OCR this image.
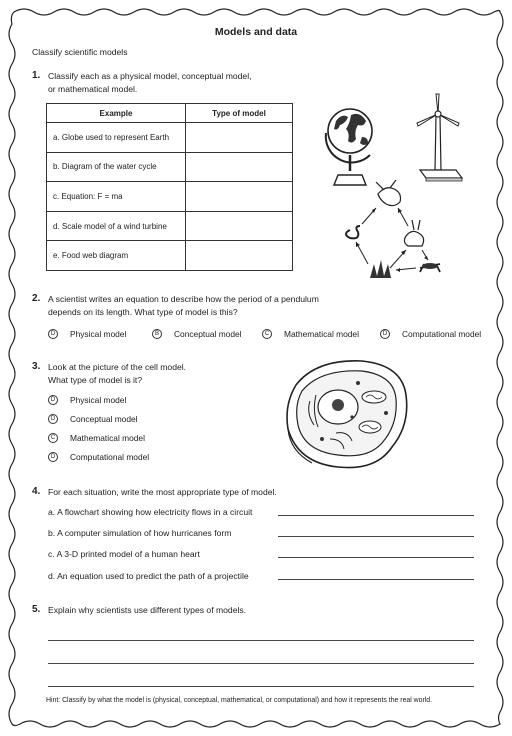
Models and data
Classify scientific models
1. Classify each as a physical model, conceptual model,
or mathematical model.
Example	Type of model
a. Globe used to represent Earth	
b. Diagram of the water cycle	
c. Equation: F = ma	
d. Scale model of a wind turbine	
e. Food web diagram	
2. A scientist writes an equation to describe how the period of a pendulum
depends on its length. What type of model is this?
D	Physical model	B	Conceptual model	C	Mathematical model	D	Computational model
3. Look at the picture of the cell model.
What type of model is it?
D	Physical model
D	Conceptual model
C	Mathematical model
D	Computational model
4. For each situation, write the most appropriate type of model.
a. A flowchart showing how electricity flows in a circuit
b. A computer simulation of how hurricanes form
c. A 3-D printed model of a human heart
d. An equation used to predict the path of a projectile
5. Explain why scientists use different types of models.
Hint: Classify by what the model is (physical, conceptual, mathematical, or computational) and how it represents the real world.
